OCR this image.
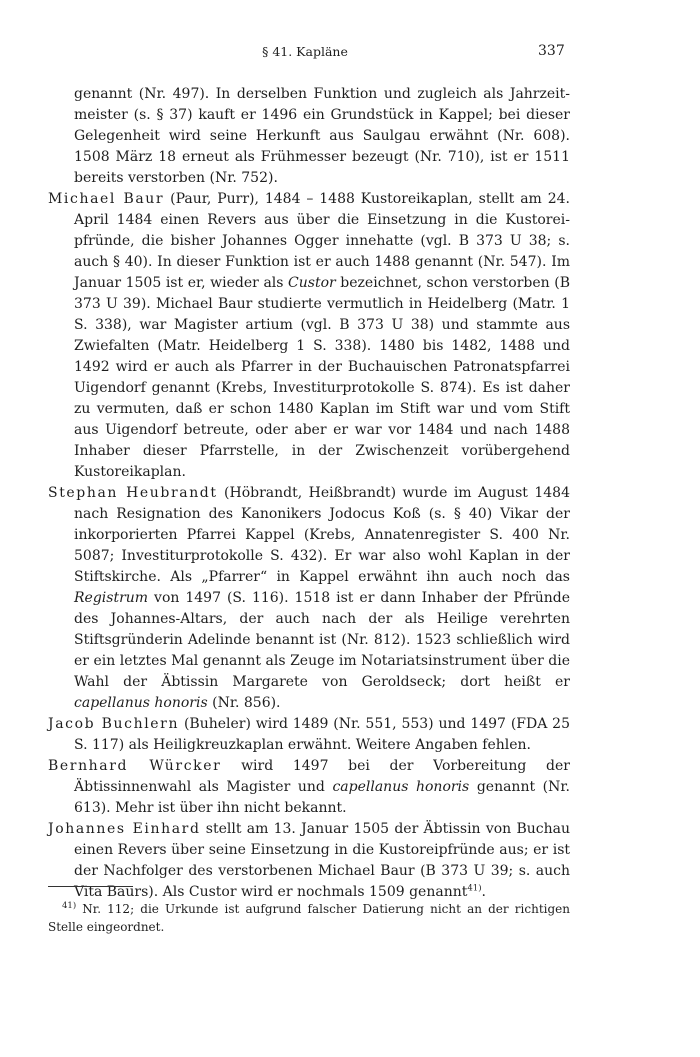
§ 41. Kapläne	337

genannt (Nr. 497). In derselben Funktion und zugleich als Jahrzeitmeister (s. § 37) kauft er 1496 ein Grundstück in Kappel; bei dieser Gelegenheit wird seine Herkunft aus Saulgau erwähnt (Nr. 608). 1508 März 18 erneut als Frühmesser bezeugt (Nr. 710), ist er 1511 bereits verstorben (Nr. 752).

Michael Baur (Paur, Purr), 1484 – 1488 Kustoreikaplan, stellt am 24. April 1484 einen Revers aus über die Einsetzung in die Kustoreipfründe, die bisher Johannes Ogger innehatte (vgl. B 373 U 38; s. auch § 40). In dieser Funktion ist er auch 1488 genannt (Nr. 547). Im Januar 1505 ist er, wieder als Custor bezeichnet, schon verstorben (B 373 U 39). Michael Baur studierte vermutlich in Heidelberg (Matr. 1 S. 338), war Magister artium (vgl. B 373 U 38) und stammte aus Zwiefalten (Matr. Heidelberg 1 S. 338). 1480 bis 1482, 1488 und 1492 wird er auch als Pfarrer in der Buchauischen Patronatspfarrei Uigendorf genannt (Krebs, Investiturprotokolle S. 874). Es ist daher zu vermuten, daß er schon 1480 Kaplan im Stift war und vom Stift aus Uigendorf betreute, oder aber er war vor 1484 und nach 1488 Inhaber dieser Pfarrstelle, in der Zwischenzeit vorübergehend Kustoreikaplan.

Stephan Heubrandt (Höbrandt, Heißbrandt) wurde im August 1484 nach Resignation des Kanonikers Jodocus Koß (s. § 40) Vikar der inkorporierten Pfarrei Kappel (Krebs, Annatenregister S. 400 Nr. 5087; Investiturprotokolle S. 432). Er war also wohl Kaplan in der Stiftskirche. Als „Pfarrer“ in Kappel erwähnt ihn auch noch das Registrum von 1497 (S. 116). 1518 ist er dann Inhaber der Pfründe des Johannes-Altars, der auch nach der als Heilige verehrten Stiftsgründerin Adelinde benannt ist (Nr. 812). 1523 schließlich wird er ein letztes Mal genannt als Zeuge im Notariatsinstrument über die Wahl der Äbtissin Margarete von Geroldseck; dort heißt er capellanus honoris (Nr. 856).

Jacob Buchlern (Buheler) wird 1489 (Nr. 551, 553) und 1497 (FDA 25 S. 117) als Heiligkreuzkaplan erwähnt. Weitere Angaben fehlen.

Bernhard Würcker wird 1497 bei der Vorbereitung der Äbtissinnenwahl als Magister und capellanus honoris genannt (Nr. 613). Mehr ist über ihn nicht bekannt.

Johannes Einhard stellt am 13. Januar 1505 der Äbtissin von Buchau einen Revers über seine Einsetzung in die Kustoreipfründe aus; er ist der Nachfolger des verstorbenen Michael Baur (B 373 U 39; s. auch Vita Baurs). Als Custor wird er nochmals 1509 genannt$^{41)}$.

$^{41)}$ Nr. 112; die Urkunde ist aufgrund falscher Datierung nicht an der richtigen Stelle eingeordnet.
